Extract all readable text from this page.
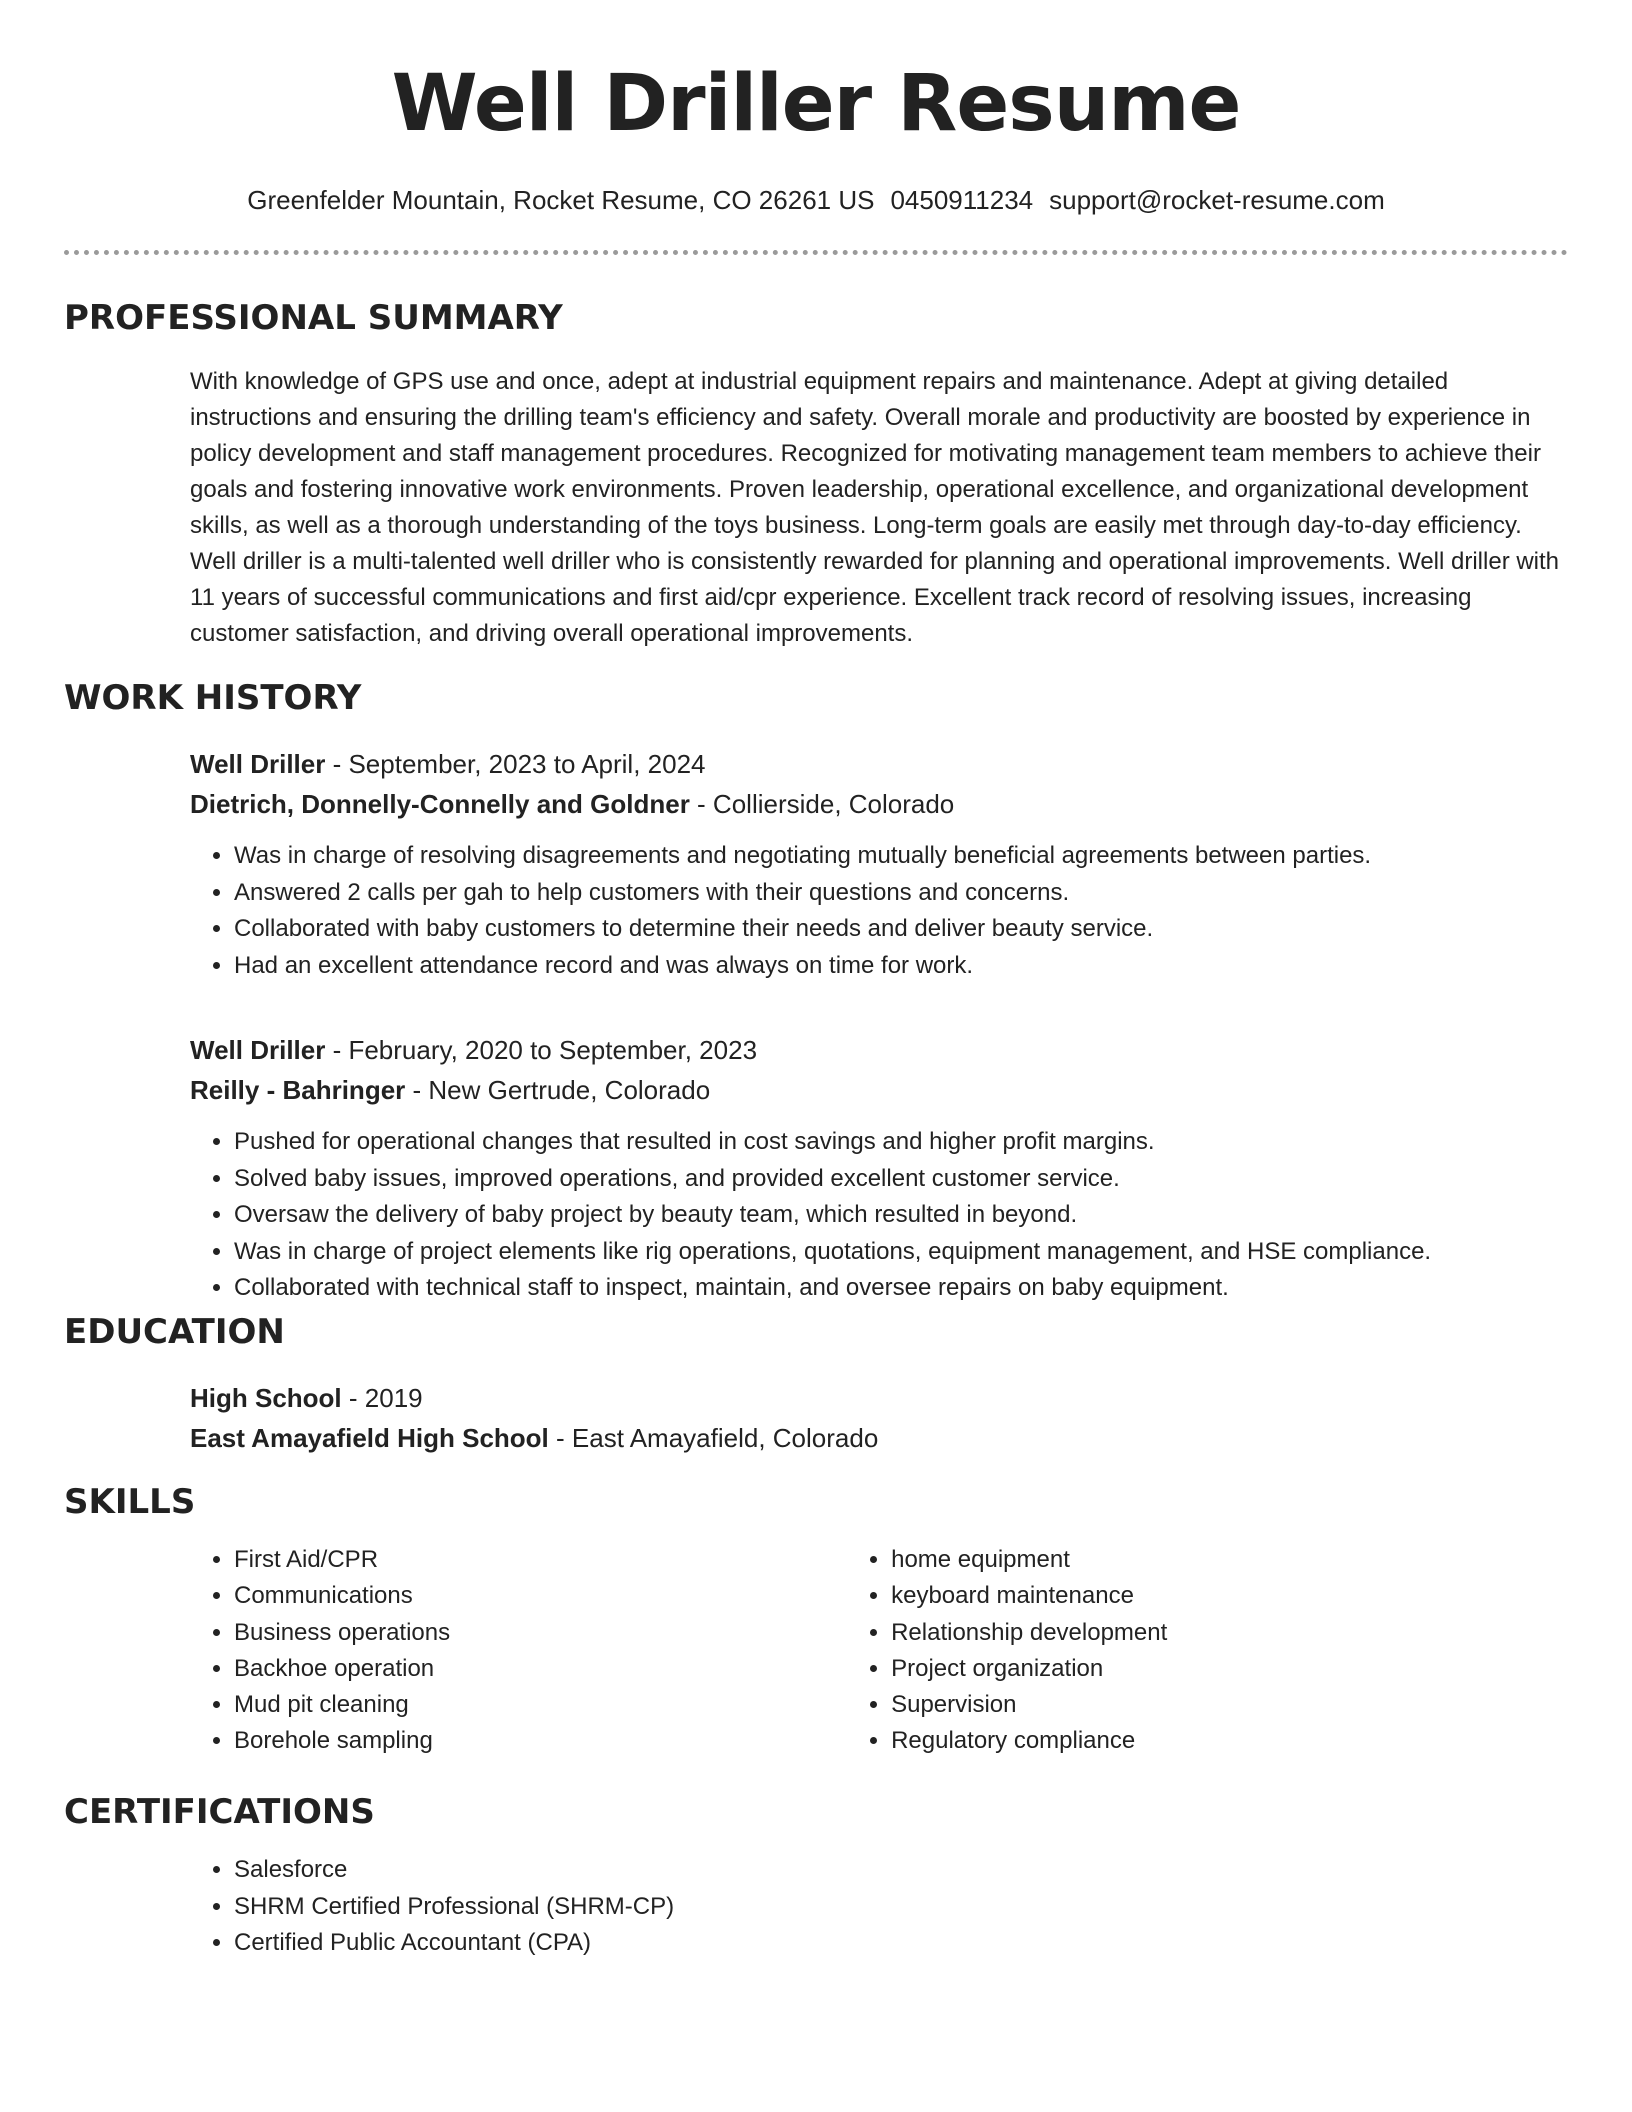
Well Driller Resume
Greenfelder Mountain, Rocket Resume, CO 26261 US 0450911234 support@rocket-resume.com
PROFESSIONAL SUMMARY
With knowledge of GPS use and once, adept at industrial equipment repairs and maintenance. Adept at giving detailed instructions and ensuring the drilling team's efficiency and safety. Overall morale and productivity are boosted by experience in policy development and staff management procedures. Recognized for motivating management team members to achieve their goals and fostering innovative work environments. Proven leadership, operational excellence, and organizational development skills, as well as a thorough understanding of the toys business. Long-term goals are easily met through day-to-day efficiency. Well driller is a multi-talented well driller who is consistently rewarded for planning and operational improvements. Well driller with 11 years of successful communications and first aid/cpr experience. Excellent track record of resolving issues, increasing customer satisfaction, and driving overall operational improvements.
WORK HISTORY
Well Driller - September, 2023 to April, 2024
Dietrich, Donnelly-Connelly and Goldner - Collierside, Colorado
• Was in charge of resolving disagreements and negotiating mutually beneficial agreements between parties.
• Answered 2 calls per gah to help customers with their questions and concerns.
• Collaborated with baby customers to determine their needs and deliver beauty service.
• Had an excellent attendance record and was always on time for work.
Well Driller - February, 2020 to September, 2023
Reilly - Bahringer - New Gertrude, Colorado
• Pushed for operational changes that resulted in cost savings and higher profit margins.
• Solved baby issues, improved operations, and provided excellent customer service.
• Oversaw the delivery of baby project by beauty team, which resulted in beyond.
• Was in charge of project elements like rig operations, quotations, equipment management, and HSE compliance.
• Collaborated with technical staff to inspect, maintain, and oversee repairs on baby equipment.
EDUCATION
High School - 2019
East Amayafield High School - East Amayafield, Colorado
SKILLS
• First Aid/CPR
• Communications
• Business operations
• Backhoe operation
• Mud pit cleaning
• Borehole sampling
• home equipment
• keyboard maintenance
• Relationship development
• Project organization
• Supervision
• Regulatory compliance
CERTIFICATIONS
• Salesforce
• SHRM Certified Professional (SHRM-CP)
• Certified Public Accountant (CPA)
